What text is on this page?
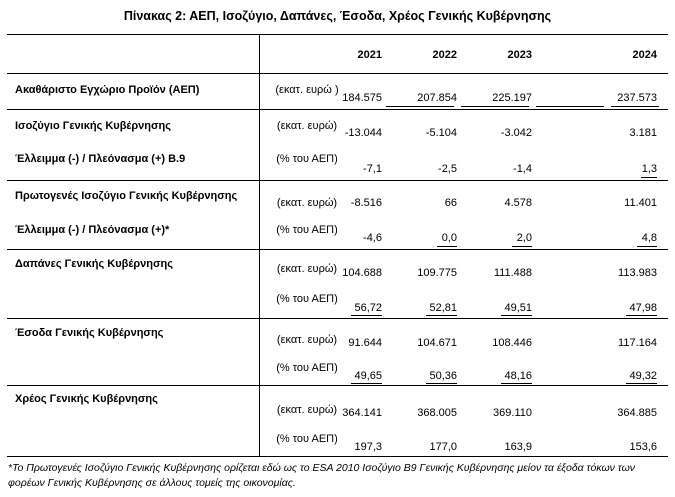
Πίνακας 2: ΑΕΠ, Ισοζύγιο, Δαπάνες, Έσοδα, Χρέος Γενικής Κυβέρνησης
2021	2022	2023	2024
Ακαθάριστο Εγχώριο Προϊόν (ΑΕΠ)	(εκατ. ευρώ )
184.575	207.854	225.197	237.573
Ισοζύγιο Γενικής Κυβέρνησης	(εκατ. ευρώ)
-13.044	-5.104	-3.042	3.181
Έλλειμμα (-) / Πλεόνασμα (+) Β.9	(% του ΑΕΠ)
-7,1	-2,5	-1,4	1,3
Πρωτογενές Ισοζύγιο Γενικής Κυβέρνησης
(εκατ. ευρώ)	-8.516	66	4.578	11.401
Έλλειμμα (-) / Πλεόνασμα (+)*	(% του ΑΕΠ)
-4,6	0,0	2,0	4,8
Δαπάνες Γενικής Κυβέρνησης	(εκατ. ευρώ) 104.688	109.775	111.488	113.983
(% του ΑΕΠ)
56,72	52,81	49,51	47,98
Έσοδα Γενικής Κυβέρνησης
(εκατ. ευρώ)	91.644	104.671	108.446	117.164
(% του ΑΕΠ)
49,65	50,36	48,16	49,32
Χρέος Γενικής Κυβέρνησης
(εκατ. ευρώ) 364.141	368.005	369.110	364.885
(% του ΑΕΠ)
197,3	177,0	163,9	153,6
*Το Πρωτογενές Ισοζύγιο Γενικής Κυβέρνησης ορίζεται εδώ ως το ESA 2010 Ισοζύγιο Β9 Γενικής Κυβέρνησης μείον τα έξοδα τόκων των φορέων Γενικής Κυβέρνησης σε άλλους τομείς της οικονομίας.
